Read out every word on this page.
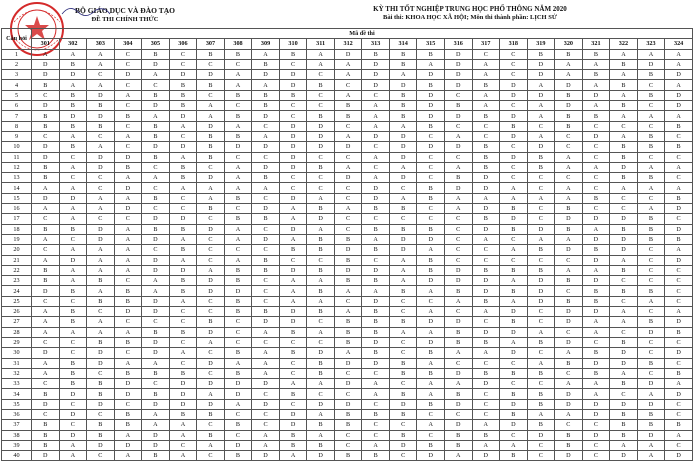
BỘ GIÁO DỤC VÀ ĐÀO TẠO
ĐỀ THI CHÍNH THỨC
KỲ THI TỐT NGHIỆP TRUNG HỌC PHỔ THÔNG NĂM 2020
Bài thi: KHOA HỌC XÃ HỘI; Môn thi thành phần: LỊCH SỬ
Câu hỏi	Mã đề thi																							
	301	302	303	304	305	306	307	308	309	310	311	312	313	314	315	316	317	318	319	320	321	322	323	324
1	A	A	A	C	B	C	B	B	A	B	A	D	B	B	B	D	C	C	B	B	B	A	A	A
2	D	B	A	C	D	C	C	C	B	C	A	A	D	B	A	D	A	C	D	A	A	B	D	A
3	D	D	C	D	A	D	D	A	D	D	C	A	D	A	D	D	A	C	D	A	B	A	B	D
4	B	A	A	C	C	B	B	A	A	D	B	C	D	D	B	D	B	D	A	D	A	B	C	A
5	C	B	D	A	B	B	C	B	B	B	C	A	C	B	D	C	A	D	D	B	D	A	B	D
6	D	B	B	C	D	B	A	C	B	C	C	B	A	B	D	B	A	C	A	D	A	B	C	D
7	B	D	D	B	A	D	A	B	D	C	B	B	A	B	D	D	B	D	A	B	B	A	A	A
8	B	B	B	C	B	A	D	A	C	D	D	C	A	A	B	C	C	B	C	B	C	C	C	B
9	C	A	C	A	B	C	B	B	A	D	D	A	D	D	C	A	C	D	A	C	D	A	B	C
10	D	B	A	C	D	D	B	D	D	D	D	D	C	D	D	D	B	C	D	C	C	B	B	B
11	D	C	D	D	B	A	B	C	C	D	C	C	A	D	C	C	B	D	B	A	C	B	C	C
12	B	A	D	B	C	B	C	A	D	D	B	A	C	A	C	A	B	C	B	A	A	D	A	A
13	B	C	C	A	A	B	D	A	B	C	C	D	A	D	C	B	D	C	C	C	C	B	B	C
14	A	A	C	D	C	A	A	A	A	C	C	C	D	C	B	D	D	A	C	A	C	A	A	A
15	D	D	A	A	B	C	A	B	C	D	A	C	D	A	B	A	A	A	A	A	B	C	C	B
16	A	A	A	D	C	C	B	C	D	A	B	A	B	B	C	A	D	B	C	B	C	C	A	D
17	C	A	C	C	D	D	C	B	B	A	D	C	C	C	C	C	B	D	C	D	D	D	B	C
18	B	B	D	A	B	B	D	A	C	D	A	C	B	B	B	C	D	B	D	B	A	B	B	D
19	A	C	D	A	D	A	C	A	D	A	B	B	A	D	D	C	A	C	A	A	D	D	B	B
20	C	A	A	A	C	B	C	C	C	B	B	D	B	D	A	C	C	A	B	D	B	D	C	A
21	A	D	A	A	D	A	C	A	B	C	C	B	C	A	B	C	C	C	C	C	D	A	C	D
22	B	A	A	A	D	D	A	B	B	D	B	D	D	A	B	D	B	B	B	A	A	B	C	C
23	B	A	B	C	A	B	D	B	C	A	A	B	B	A	D	D	D	A	D	B	D	C	C	C
24	D	B	A	B	A	B	D	D	C	A	B	A	A	B	A	B	D	B	D	C	B	B	B	C
25	C	C	B	B	D	A	C	B	C	A	A	C	D	C	C	A	B	A	D	B	B	C	A	C
26	A	B	C	D	D	C	C	B	B	D	B	A	B	C	A	C	A	D	C	D	D	A	C	A
27	A	B	A	C	C	C	B	C	D	D	C	B	B	B	D	D	C	B	C	D	A	A	B	D
28	A	A	A	A	B	B	D	C	A	B	A	B	B	A	A	B	D	D	A	C	A	C	D	B
29	C	C	B	B	D	C	A	C	C	C	C	B	D	C	D	B	B	A	B	D	C	B	C	C
30	D	C	D	C	D	A	C	B	A	B	D	A	B	C	B	A	A	D	C	A	B	D	C	D
31	A	B	D	A	A	C	D	A	A	C	B	D	D	B	A	C	C	C	A	B	D	D	B	C
32	A	B	C	B	B	B	C	B	A	C	B	C	C	B	B	D	B	B	B	C	B	A	C	B
33	C	B	B	D	C	D	D	D	D	A	A	D	A	C	A	A	D	C	C	A	A	B	D	A
34	B	D	B	D	B	D	A	D	C	B	C	C	A	B	A	B	C	B	B	D	A	C	A	D
35	D	C	D	C	D	D	D	A	D	C	D	D	C	D	B	D	C	D	B	D	D	D	D	C
36	C	D	C	B	A	B	B	C	C	D	A	B	B	B	C	C	C	B	A	A	D	B	B	C
37	B	C	B	B	A	A	C	B	C	D	B	B	C	C	A	D	A	D	B	C	C	B	B	B
38	B	D	B	A	D	A	B	C	A	B	A	C	C	B	C	B	B	C	D	B	D	B	D	A
39	B	A	D	D	D	C	A	D	A	B	B	C	A	D	B	B	A	A	C	B	C	A	A	C
40	D	A	C	A	B	A	C	B	D	A	D	B	B	C	D	A	D	B	C	D	C	D	A	D
